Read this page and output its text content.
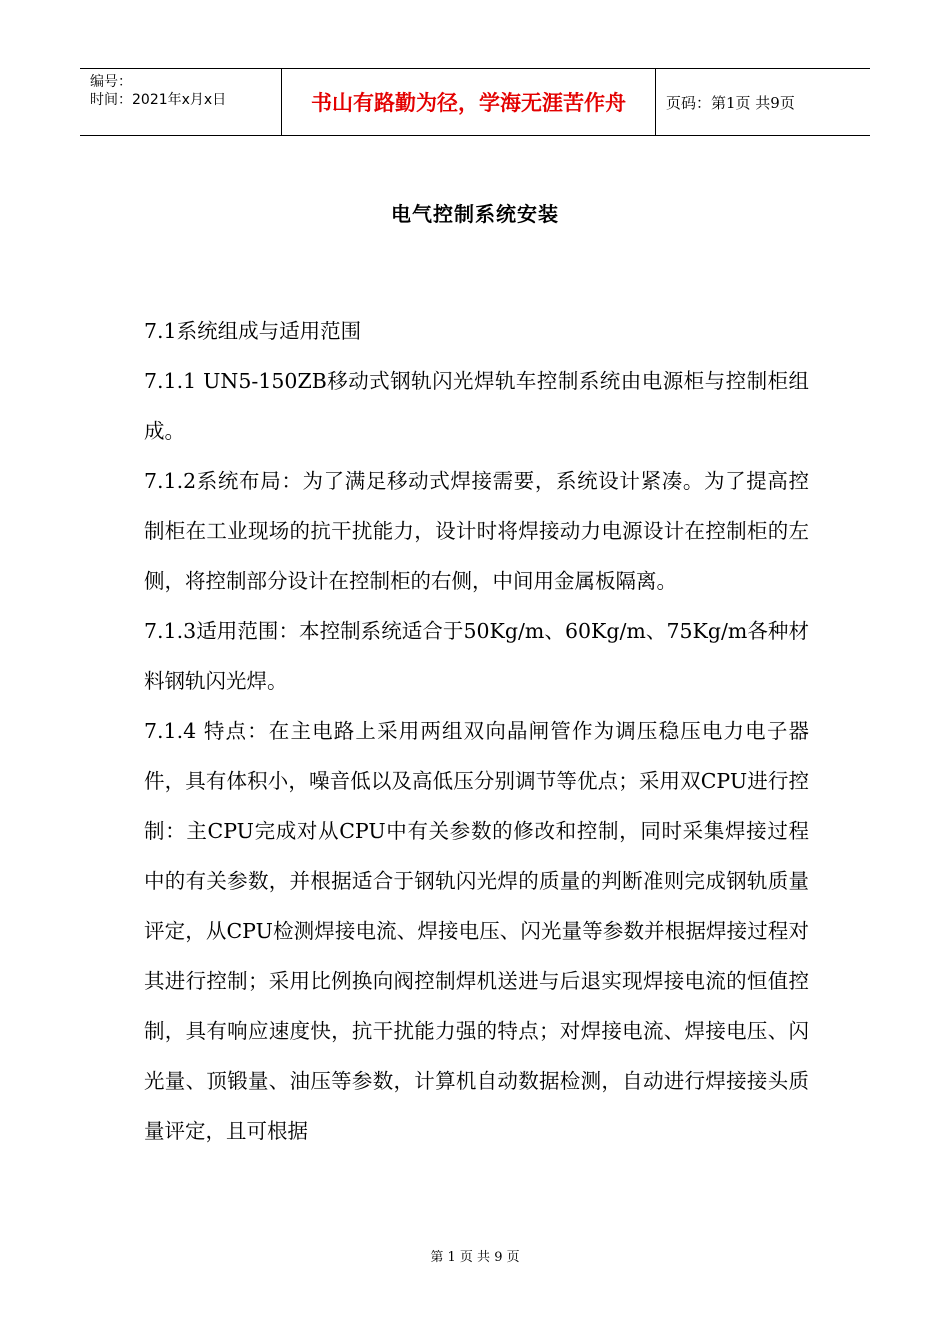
编号：
时间：2021年x月x日	书山有路勤为径，学海无涯苦作舟	页码：第1页 共9页
电气控制系统安装

7.1系统组成与适用范围

7.1.1 UN5-150ZB移动式钢轨闪光焊轨车控制系统由电源柜与控制柜组成。

7.1.2系统布局：为了满足移动式焊接需要，系统设计紧凑。为了提高控制柜在工业现场的抗干扰能力，设计时将焊接动力电源设计在控制柜的左侧，将控制部分设计在控制柜的右侧，中间用金属板隔离。

7.1.3适用范围：本控制系统适合于50Kg/m、60Kg/m、75Kg/m各种材料钢轨闪光焊。

7.1.4 特点：在主电路上采用两组双向晶闸管作为调压稳压电力电子器件，具有体积小，噪音低以及高低压分别调节等优点；采用双CPU进行控制：主CPU完成对从CPU中有关参数的修改和控制，同时采集焊接过程中的有关参数，并根据适合于钢轨闪光焊的质量的判断准则完成钢轨质量评定，从CPU检测焊接电流、焊接电压、闪光量等参数并根据焊接过程对其进行控制；采用比例换向阀控制焊机送进与后退实现焊接电流的恒值控制，具有响应速度快，抗干扰能力强的特点；对焊接电流、焊接电压、闪光量、顶锻量、油压等参数，计算机自动数据检测，自动进行焊接接头质量评定，且可根据

第 1 页 共 9 页
